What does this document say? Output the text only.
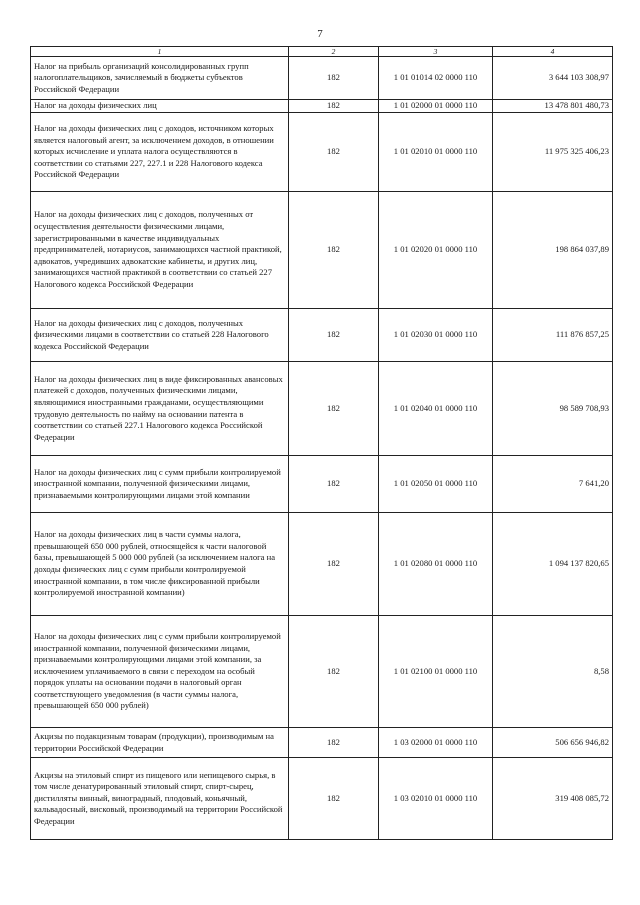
7
1	2	3	4
Налог на прибыль организаций консолидированных групп налогоплательщиков, зачисляемый в бюджеты субъектов Российской Федерации	182	1 01 01014 02 0000 110	3 644 103 308,97
Налог на доходы физических лиц	182	1 01 02000 01 0000 110	13 478 801 480,73
Налог на доходы физических лиц с доходов, источником которых является налоговый агент, за исключением доходов, в отношении которых исчисление и уплата налога осуществляются в соответствии со статьями 227, 227.1 и 228 Налогового кодекса Российской Федерации	182	1 01 02010 01 0000 110	11 975 325 406,23
Налог на доходы физических лиц с доходов, полученных от осуществления деятельности физическими лицами, зарегистрированными в качестве индивидуальных предпринимателей, нотариусов, занимающихся частной практикой, адвокатов, учредивших адвокатские кабинеты, и других лиц, занимающихся частной практикой в соответствии со статьей 227 Налогового кодекса Российской Федерации	182	1 01 02020 01 0000 110	198 864 037,89
Налог на доходы физических лиц с доходов, полученных физическими лицами в соответствии со статьей 228 Налогового кодекса Российской Федерации	182	1 01 02030 01 0000 110	111 876 857,25
Налог на доходы физических лиц в виде фиксированных авансовых платежей с доходов, полученных физическими лицами, являющимися иностранными гражданами, осуществляющими трудовую деятельность по найму на основании патента в соответствии со статьей 227.1 Налогового кодекса Российской Федерации	182	1 01 02040 01 0000 110	98 589 708,93
Налог на доходы физических лиц с сумм прибыли контролируемой иностранной компании, полученной физическими лицами, признаваемыми контролирующими лицами этой компании	182	1 01 02050 01 0000 110	7 641,20
Налог на доходы физических лиц в части суммы налога, превышающей 650 000 рублей, относящейся к части налоговой базы, превышающей 5 000 000 рублей (за исключением налога на доходы физических лиц с сумм прибыли контролируемой иностранной компании, в том числе фиксированной прибыли контролируемой иностранной компании)	182	1 01 02080 01 0000 110	1 094 137 820,65
Налог на доходы физических лиц с сумм прибыли контролируемой иностранной компании, полученной физическими лицами, признаваемыми контролирующими лицами этой компании, за исключением уплачиваемого в связи с переходом на особый порядок уплаты на основании подачи в налоговый орган соответствующего уведомления (в части суммы налога, превышающей 650 000 рублей)	182	1 01 02100 01 0000 110	8,58
Акцизы по подакцизным товарам (продукции), производимым на территории Российской Федерации	182	1 03 02000 01 0000 110	506 656 946,82
Акцизы на этиловый спирт из пищевого или непищевого сырья, в том числе денатурированный этиловый спирт, спирт-сырец, дистилляты винный, виноградный, плодовый, коньячный, кальвадосный, висковый, производимый на территории Российской Федерации	182	1 03 02010 01 0000 110	319 408 085,72
